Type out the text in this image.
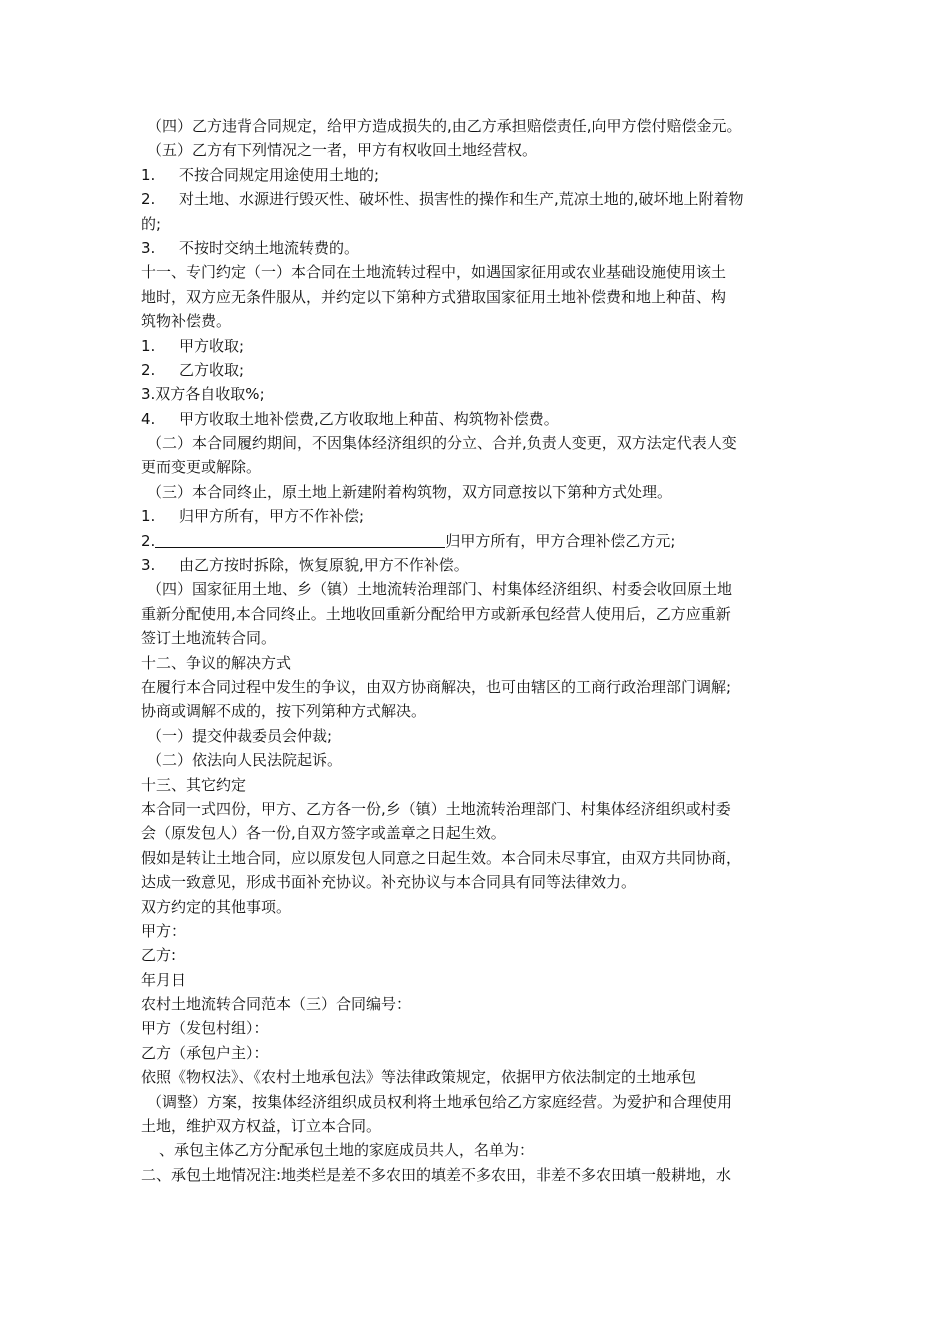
（四）乙方违背合同规定，给甲方造成损失的,由乙方承担赔偿责任,向甲方偿付赔偿金元。
（五）乙方有下列情况之一者，甲方有权收回土地经营权。
1. 不按合同规定用途使用土地的;
2. 对土地、水源进行毁灭性、破坏性、损害性的操作和生产,荒凉土地的,破坏地上附着物
的;
3. 不按时交纳土地流转费的。
十一、专门约定（一）本合同在土地流转过程中，如遇国家征用或农业基础设施使用该土
地时，双方应无条件服从，并约定以下第种方式猎取国家征用土地补偿费和地上种苗、构
筑物补偿费。
1. 甲方收取;
2. 乙方收取;
3.双方各自收取%;
4. 甲方收取土地补偿费,乙方收取地上种苗、构筑物补偿费。
（二）本合同履约期间，不因集体经济组织的分立、合并,负责人变更，双方法定代表人变
更而变更或解除。
（三）本合同终止，原土地上新建附着构筑物，双方同意按以下第种方式处理。
1. 归甲方所有，甲方不作补偿;
2.	归甲方所有，甲方合理补偿乙方元;
3. 由乙方按时拆除，恢复原貌,甲方不作补偿。
（四）国家征用土地、乡（镇）土地流转治理部门、村集体经济组织、村委会收回原土地
重新分配使用,本合同终止。土地收回重新分配给甲方或新承包经营人使用后，乙方应重新
签订土地流转合同。
十二、争议的解决方式
在履行本合同过程中发生的争议，由双方协商解决，也可由辖区的工商行政治理部门调解;
协商或调解不成的，按下列第种方式解决。
（一）提交仲裁委员会仲裁;
（二）依法向人民法院起诉。
十三、其它约定
本合同一式四份，甲方、乙方各一份,乡（镇）土地流转治理部门、村集体经济组织或村委
会（原发包人）各一份,自双方签字或盖章之日起生效。
假如是转让土地合同，应以原发包人同意之日起生效。本合同未尽事宜，由双方共同协商，
达成一致意见，形成书面补充协议。补充协议与本合同具有同等法律效力。
双方约定的其他事项。
甲方：
乙方:
年月日
农村土地流转合同范本（三）合同编号：
甲方（发包村组）：
乙方（承包户主）：
依照《物权法》、《农村土地承包法》等法律政策规定，依据甲方依法制定的土地承包
（调整）方案，按集体经济组织成员权利将土地承包给乙方家庭经营。为爱护和合理使用
土地，维护双方权益，订立本合同。
、承包主体乙方分配承包土地的家庭成员共人，名单为：
二、承包土地情况注:地类栏是差不多农田的填差不多农田，非差不多农田填一般耕地，水
